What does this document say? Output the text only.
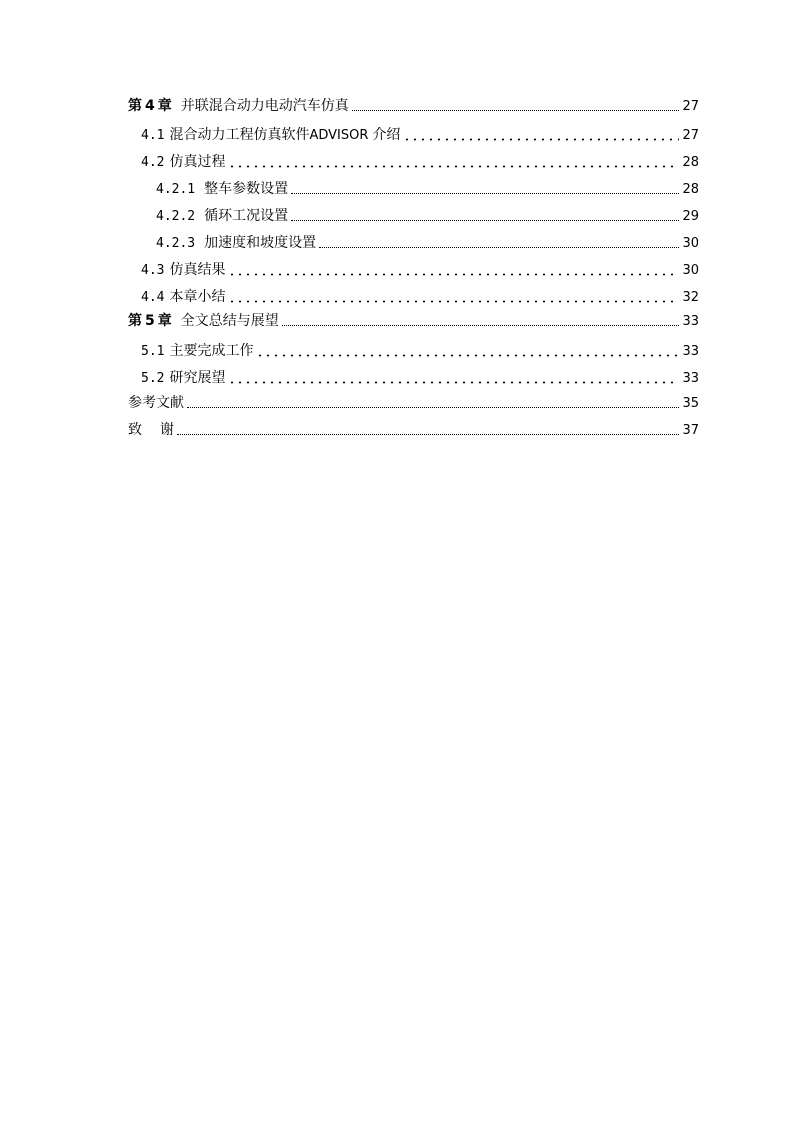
第 4 章 并联混合动力电动汽车仿真	27
4.1 混合动力工程仿真软件 ADVISOR 介绍	27
4.2 仿真过程	28
4.2.1 整车参数设置	28
4.2.2 循环工况设置	29
4.2.3 加速度和坡度设置	30
4.3 仿真结果	30
4.4 本章小结	32
第 5 章 全文总结与展望	33
5.1 主要完成工作	33
5.2 研究展望	33
参考文献	35
致 谢	37
